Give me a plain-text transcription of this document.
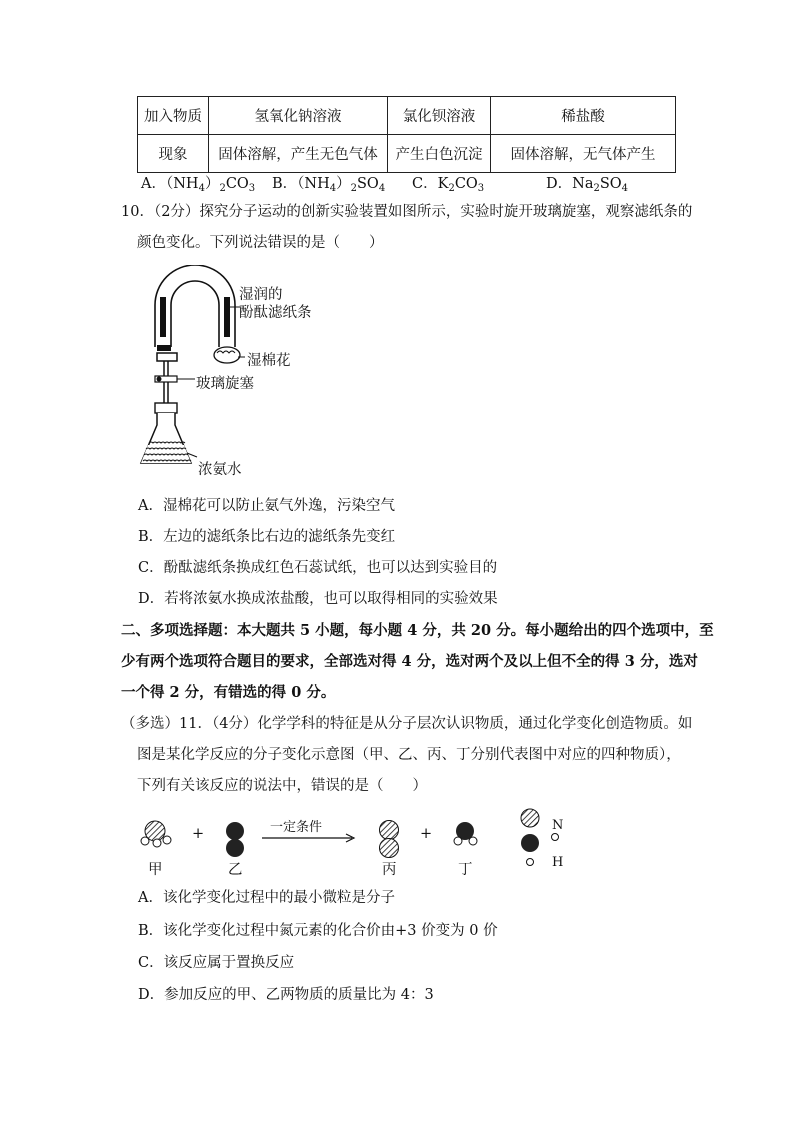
加入物质	氢氧化钠溶液	氯化钡溶液	稀盐酸
现象	固体溶解，产生无色气体	产生白色沉淀	固体溶解，无气体产生
A．$(NH_4)_2CO_3$ B．$(NH_4)_2SO_4$ C．$K_2CO_3$	D．$Na_2SO_4$
10．（2分）探究分子运动的创新实验装置如图所示，实验时旋开玻璃旋塞，观察滤纸条的
颜色变化。下列说法错误的是（　　）
湿润的
酚酞滤纸条
湿棉花
玻璃旋塞
浓氨水
A．湿棉花可以防止氨气外逸，污染空气
B．左边的滤纸条比右边的滤纸条先变红
C．酚酞滤纸条换成红色石蕊试纸，也可以达到实验目的
D．若将浓氨水换成浓盐酸，也可以取得相同的实验效果
二、多项选择题：本大题共 5 小题，每小题 4 分，共 20 分。每小题给出的四个选项中，至
少有两个选项符合题目的要求，全部选对得 4 分，选对两个及以上但不全的得 3 分，选对
一个得 2 分，有错选的得 0 分。
（多选）11．（4分）化学学科的特征是从分子层次认识物质，通过化学变化创造物质。如
图是某化学反应的分子变化示意图（甲、乙、丙、丁分别代表图中对应的四种物质），
下列有关该反应的说法中，错误的是（　　）
+	+
一定条件
甲	乙	丙	丁
N
H
A．该化学变化过程中的最小微粒是分子
B．该化学变化过程中氮元素的化合价由+3 价变为 0 价
C．该反应属于置换反应
D．参加反应的甲、乙两物质的质量比为 4：3
